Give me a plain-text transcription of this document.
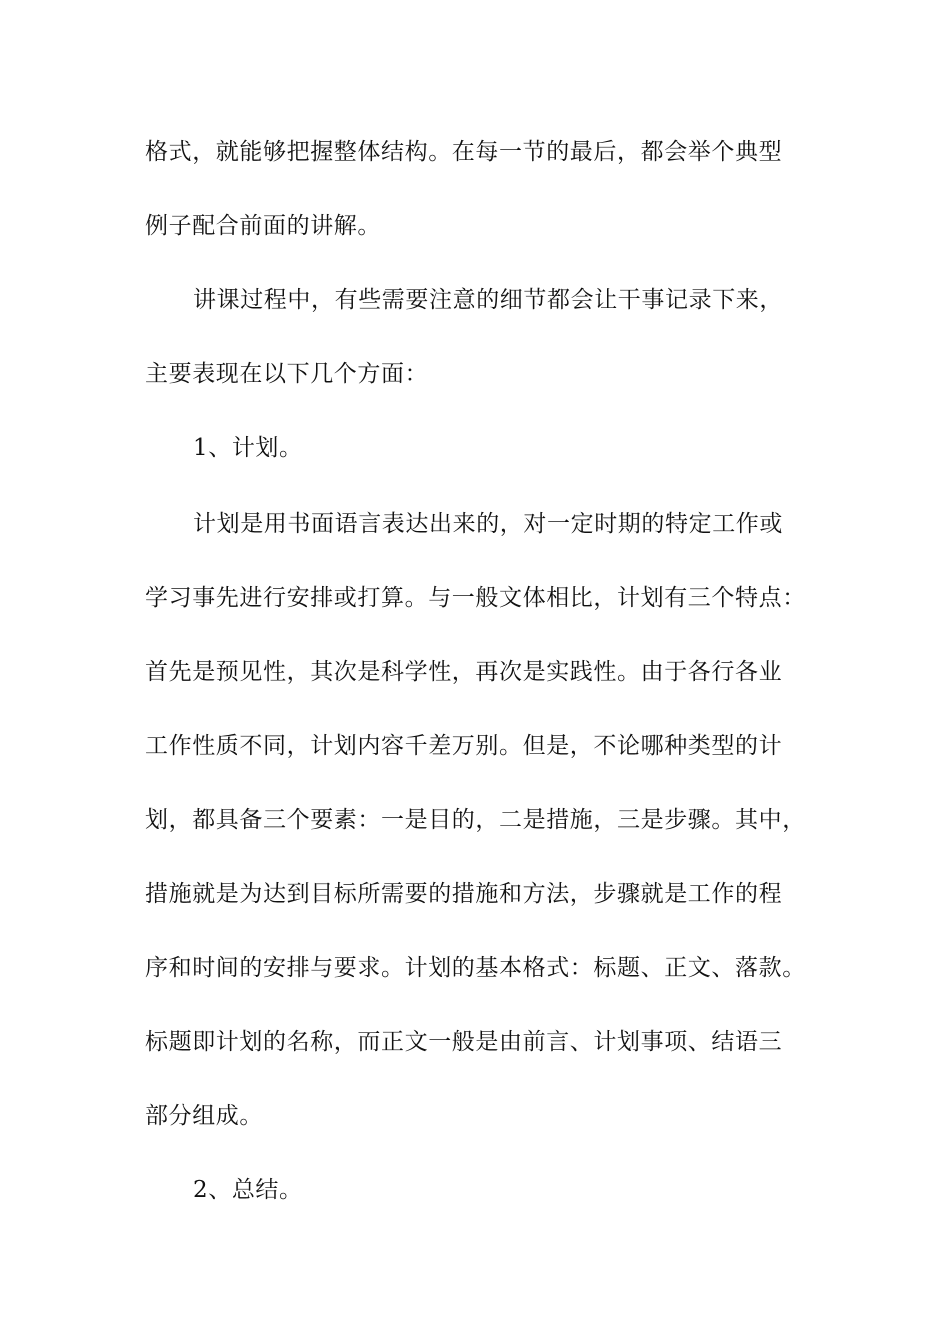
格式，就能够把握整体结构。在每一节的最后，都会举个典型
例子配合前面的讲解。
讲课过程中，有些需要注意的细节都会让干事记录下来，
主要表现在以下几个方面：
1、计划。
计划是用书面语言表达出来的，对一定时期的特定工作或
学习事先进行安排或打算。与一般文体相比，计划有三个特点：
首先是预见性，其次是科学性，再次是实践性。由于各行各业
工作性质不同，计划内容千差万别。但是，不论哪种类型的计
划，都具备三个要素：一是目的，二是措施，三是步骤。其中，
措施就是为达到目标所需要的措施和方法，步骤就是工作的程
序和时间的安排与要求。计划的基本格式：标题、正文、落款。
标题即计划的名称，而正文一般是由前言、计划事项、结语三
部分组成。
2、总结。
